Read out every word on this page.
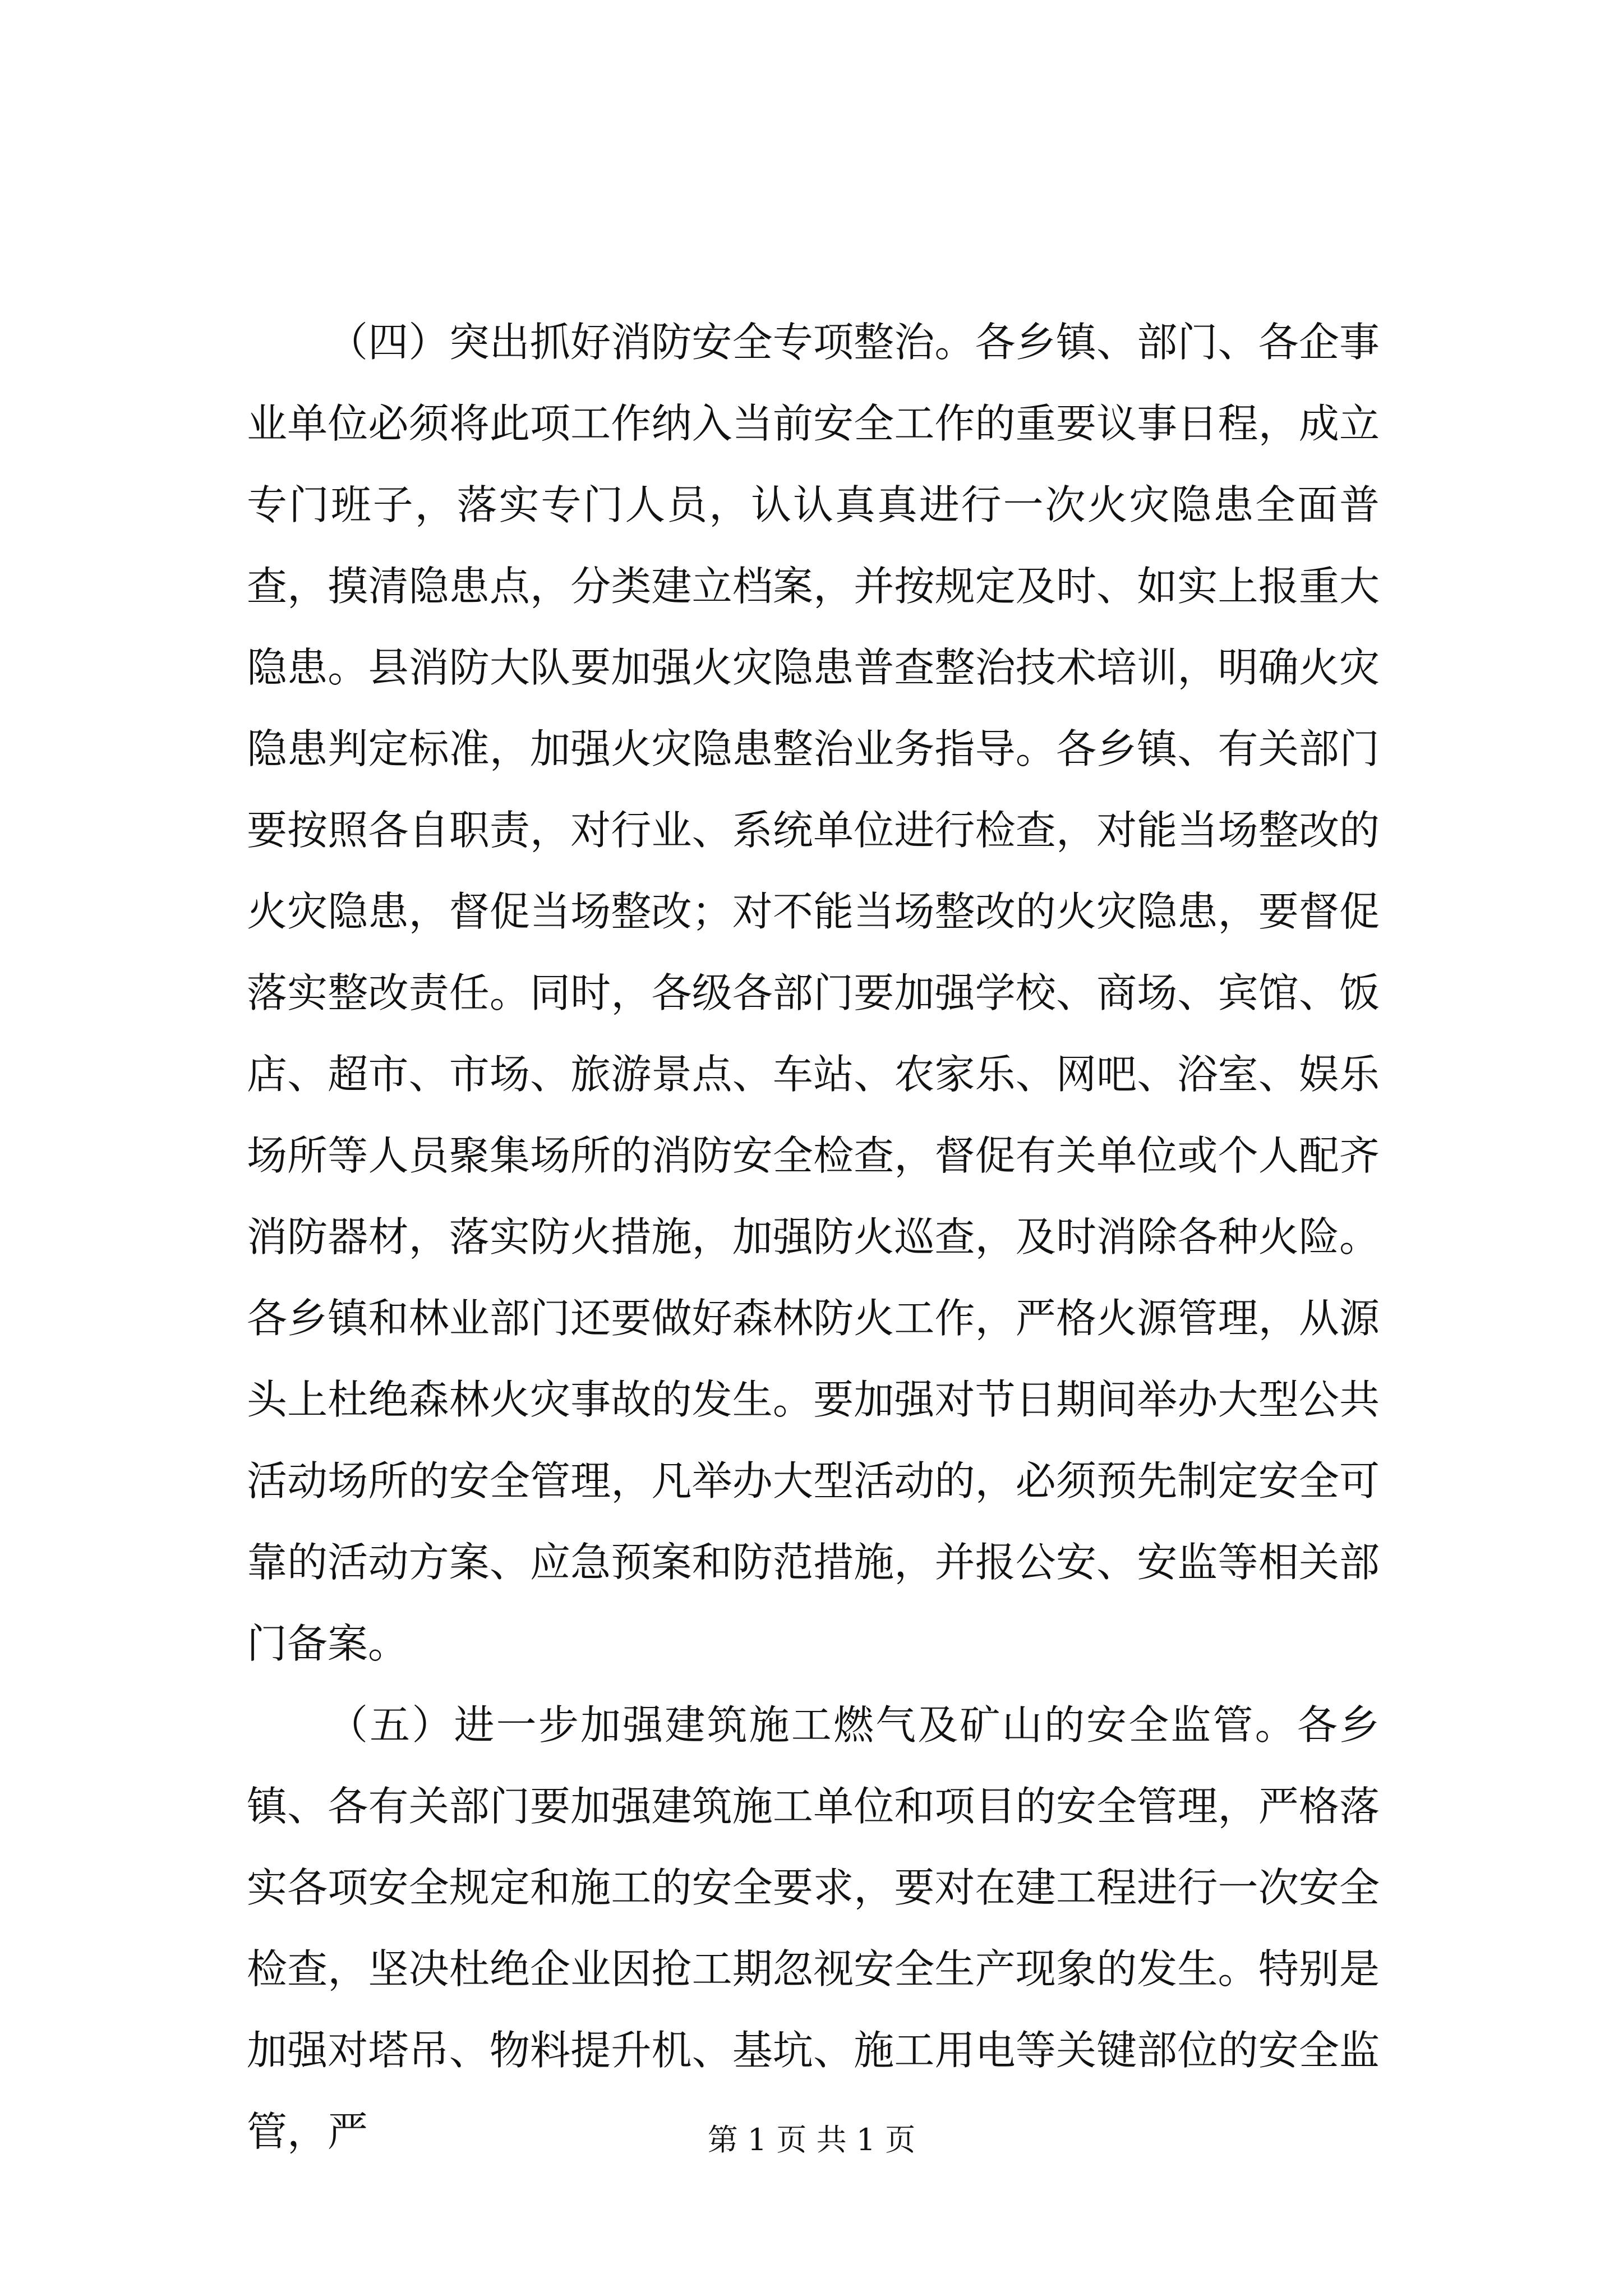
（四）突出抓好消防安全专项整治。各乡镇、部门、各企事业单位必须将此项工作纳入当前安全工作的重要议事日程，成立专门班子，落实专门人员，认认真真进行一次火灾隐患全面普查，摸清隐患点，分类建立档案，并按规定及时、如实上报重大隐患。县消防大队要加强火灾隐患普查整治技术培训，明确火灾隐患判定标准，加强火灾隐患整治业务指导。各乡镇、有关部门要按照各自职责，对行业、系统单位进行检查，对能当场整改的火灾隐患，督促当场整改；对不能当场整改的火灾隐患，要督促落实整改责任。同时，各级各部门要加强学校、商场、宾馆、饭店、超市、市场、旅游景点、车站、农家乐、网吧、浴室、娱乐场所等人员聚集场所的消防安全检查，督促有关单位或个人配齐消防器材，落实防火措施，加强防火巡查，及时消除各种火险。各乡镇和林业部门还要做好森林防火工作，严格火源管理，从源头上杜绝森林火灾事故的发生。要加强对节日期间举办大型公共活动场所的安全管理，凡举办大型活动的，必须预先制定安全可靠的活动方案、应急预案和防范措施，并报公安、安监等相关部门备案。

（五）进一步加强建筑施工燃气及矿山的安全监管。各乡镇、各有关部门要加强建筑施工单位和项目的安全管理，严格落实各项安全规定和施工的安全要求，要对在建工程进行一次安全检查，坚决杜绝企业因抢工期忽视安全生产现象的发生。特别是加强对塔吊、物料提升机、基坑、施工用电等关键部位的安全监管，严	第 1 页 共 1 页
